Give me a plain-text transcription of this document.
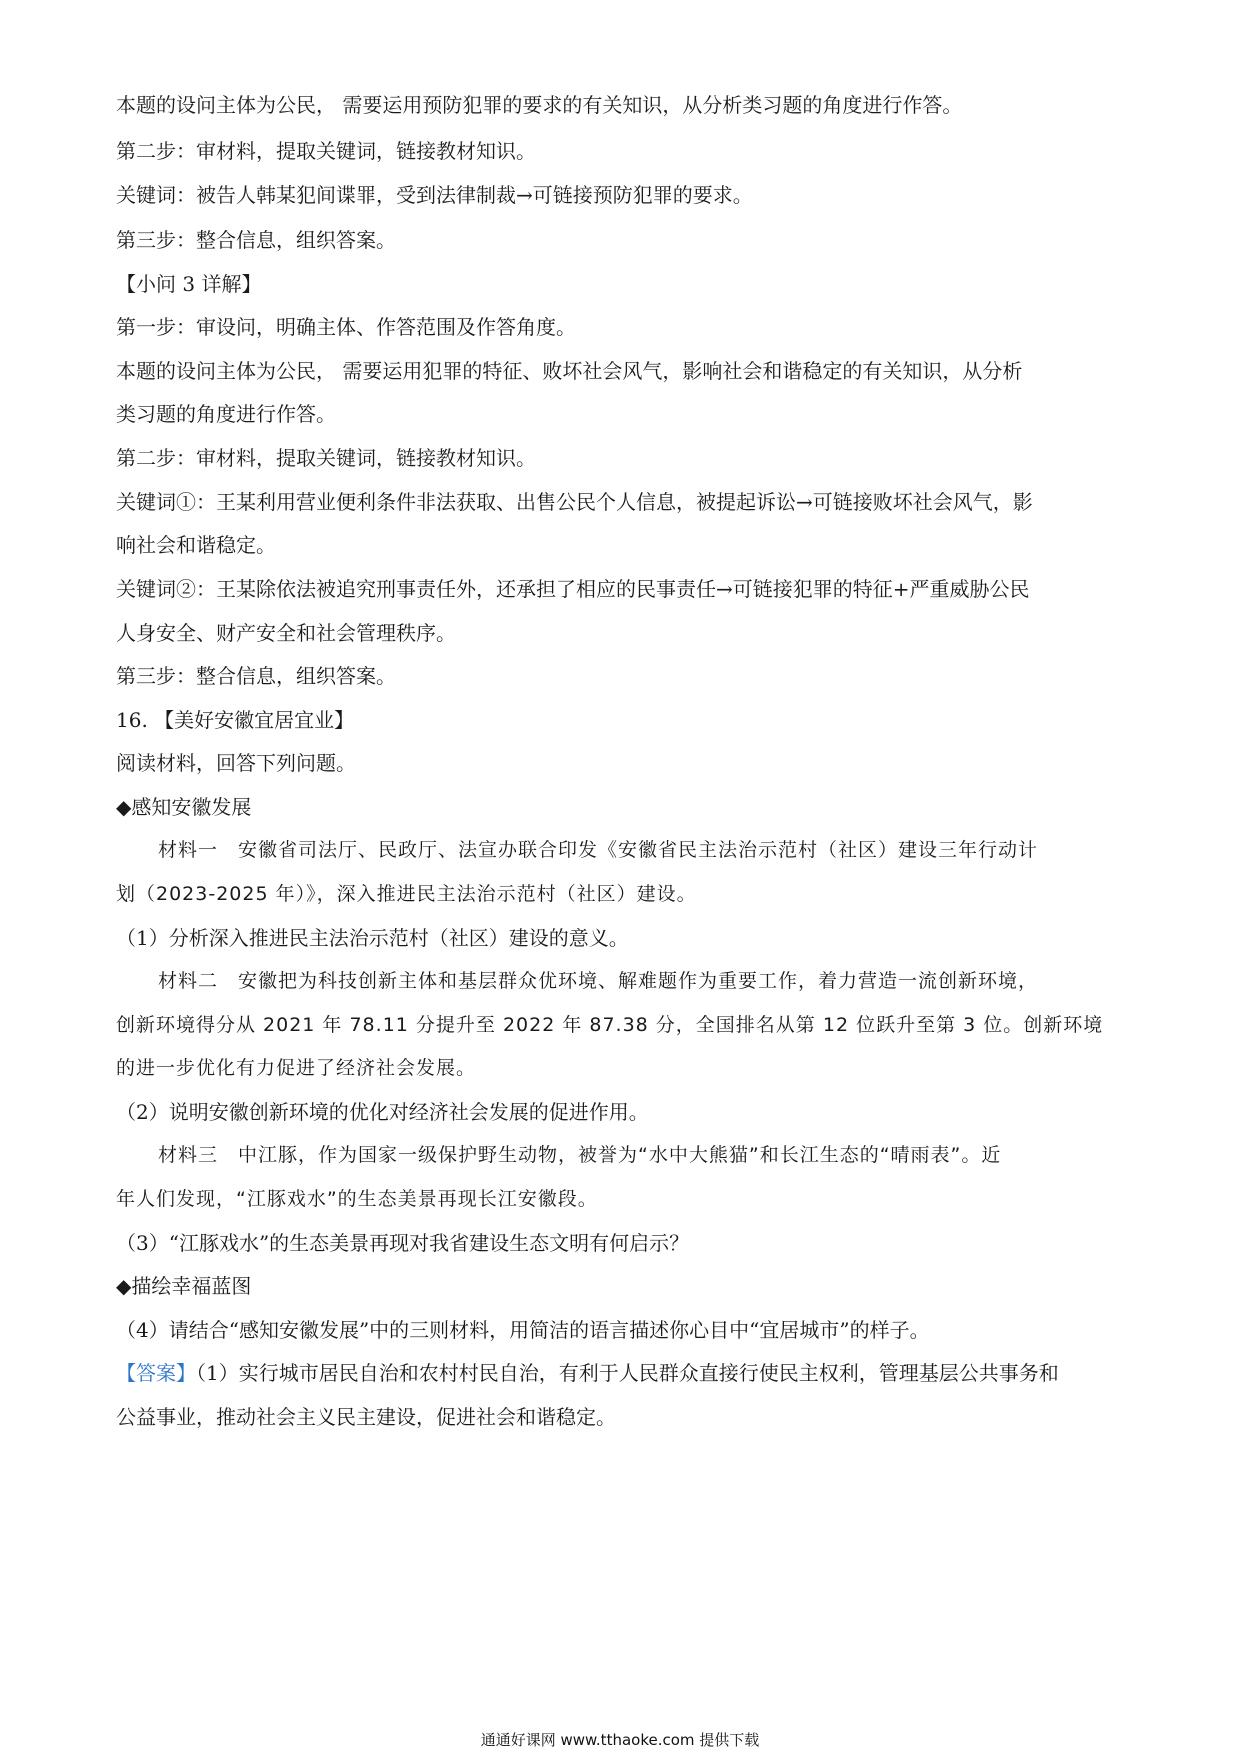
本题的设问主体为公民， 需要运用预防犯罪的要求的有关知识，从分析类习题的角度进行作答。
第二步：审材料，提取关键词，链接教材知识。
关键词：被告人韩某犯间谍罪，受到法律制裁→可链接预防犯罪的要求。
第三步：整合信息，组织答案。
【小问 3 详解】
第一步：审设问，明确主体、作答范围及作答角度。
本题的设问主体为公民， 需要运用犯罪的特征、败坏社会风气，影响社会和谐稳定的有关知识，从分析
类习题的角度进行作答。
第二步：审材料，提取关键词，链接教材知识。
关键词①：王某利用营业便利条件非法获取、出售公民个人信息，被提起诉讼→可链接败坏社会风气，影
响社会和谐稳定。
关键词②：王某除依法被追究刑事责任外，还承担了相应的民事责任→可链接犯罪的特征+严重威胁公民
人身安全、财产安全和社会管理秩序。
第三步：整合信息，组织答案。
16. 【美好安徽宜居宜业】
阅读材料，回答下列问题。
◆感知安徽发展
材料一　安徽省司法厅、民政厅、法宣办联合印发《安徽省民主法治示范村（社区）建设三年行动计
划（2023-2025 年）》，深入推进民主法治示范村（社区）建设。
（1）分析深入推进民主法治示范村（社区）建设的意义。
材料二　安徽把为科技创新主体和基层群众优环境、解难题作为重要工作，着力营造一流创新环境，
创新环境得分从 2021 年 78.11 分提升至 2022 年 87.38 分，全国排名从第 12 位跃升至第 3 位。创新环境
的进一步优化有力促进了经济社会发展。
（2）说明安徽创新环境的优化对经济社会发展的促进作用。
材料三　中江豚，作为国家一级保护野生动物，被誉为“水中大熊猫”和长江生态的“晴雨表”。近
年人们发现，“江豚戏水”的生态美景再现长江安徽段。
（3）“江豚戏水”的生态美景再现对我省建设生态文明有何启示？
◆描绘幸福蓝图
（4）请结合“感知安徽发展”中的三则材料，用简洁的语言描述你心目中“宜居城市”的样子。
【答案】（1）实行城市居民自治和农村村民自治，有利于人民群众直接行使民主权利，管理基层公共事务和
公益事业，推动社会主义民主建设，促进社会和谐稳定。
通通好课网 www.tthaoke.com 提供下载
